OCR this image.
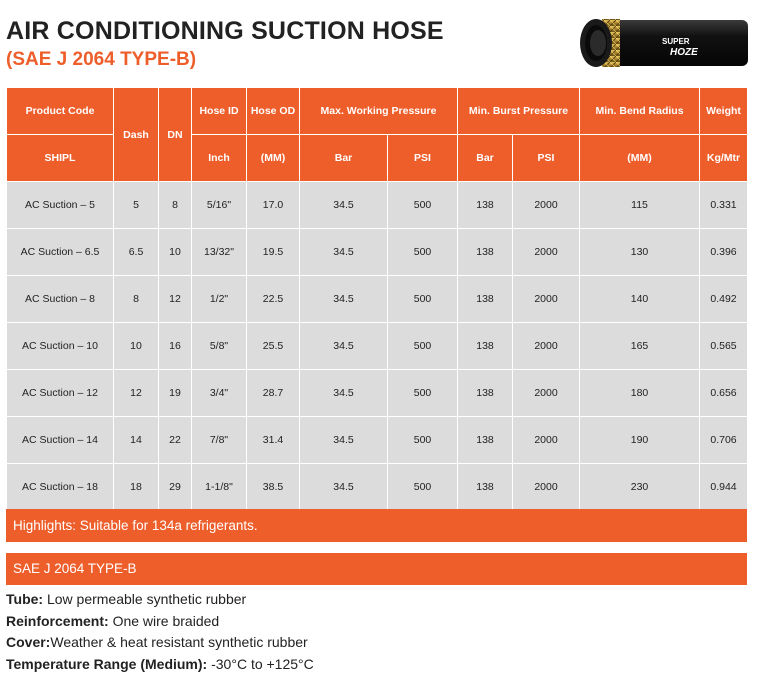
AIR CONDITIONING SUCTION HOSE
(SAE J 2064 TYPE-B)
SUPER
HOZE
Product Code	Dash	DN	Hose ID	Hose OD	Max. Working Pressure		Min. Burst Pressure		Min. Bend Radius	Weight
SHIPL			Inch	(MM)	Bar	PSI	Bar	PSI	(MM)	Kg/Mtr
AC Suction – 5	5	8	5/16"	17.0	34.5	500	138	2000	115	0.331
AC Suction – 6.5	6.5	10	13/32"	19.5	34.5	500	138	2000	130	0.396
AC Suction – 8	8	12	1/2"	22.5	34.5	500	138	2000	140	0.492
AC Suction – 10	10	16	5/8"	25.5	34.5	500	138	2000	165	0.565
AC Suction – 12	12	19	3/4"	28.7	34.5	500	138	2000	180	0.656
AC Suction – 14	14	22	7/8"	31.4	34.5	500	138	2000	190	0.706
AC Suction – 18	18	29	1-1/8"	38.5	34.5	500	138	2000	230	0.944
Highlights: Suitable for 134a refrigerants.
SAE J 2064 TYPE-B
Tube: Low permeable synthetic rubber
Reinforcement: One wire braided
Cover:Weather & heat resistant synthetic rubber
Temperature Range (Medium): -30°C to +125°C
